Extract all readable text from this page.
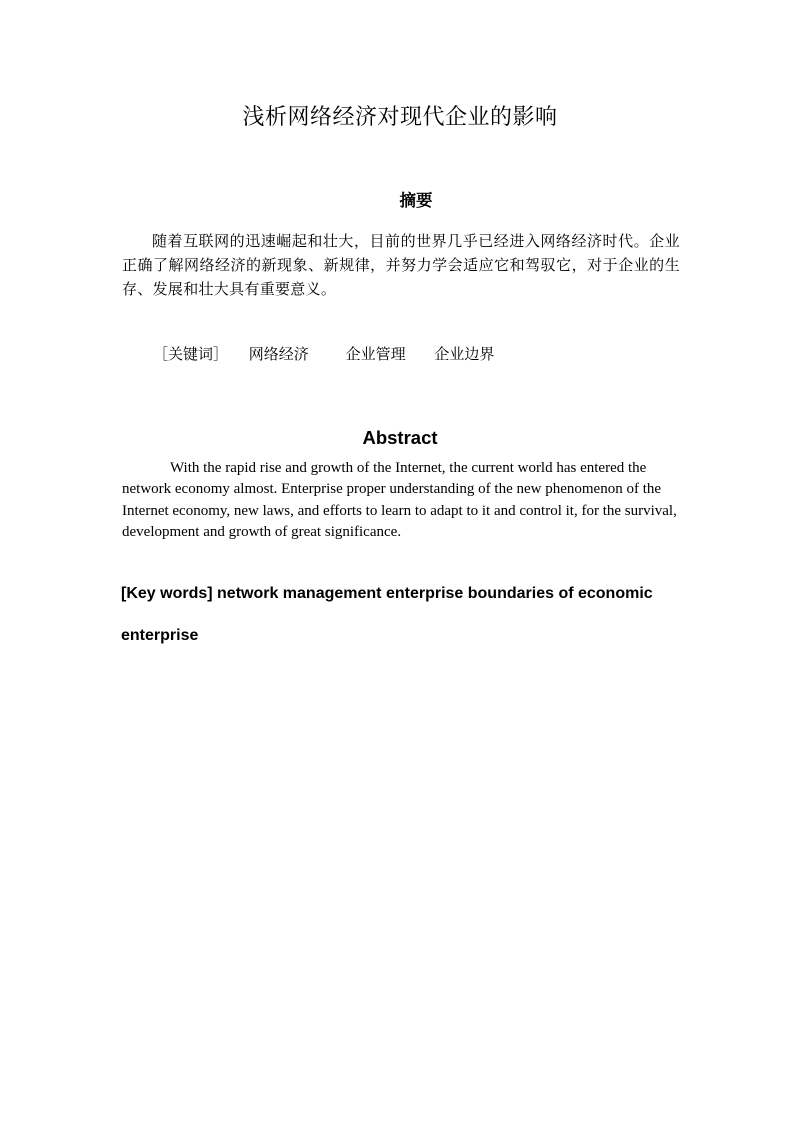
浅析网络经济对现代企业的影响
摘要
随着互联网的迅速崛起和壮大，目前的世界几乎已经进入网络经济时代。企业正确了解网络经济的新现象、新规律，并努力学会适应它和驾驭它，对于企业的生存、发展和壮大具有重要意义。
［关键词］ 网络经济 企业管理 企业边界
Abstract
With the rapid rise and growth of the Internet, the current world has entered the network economy almost. Enterprise proper understanding of the new phenomenon of the Internet economy, new laws, and efforts to learn to adapt to it and control it, for the survival, development and growth of great significance.
[Key words] network management enterprise boundaries of economic enterprise
